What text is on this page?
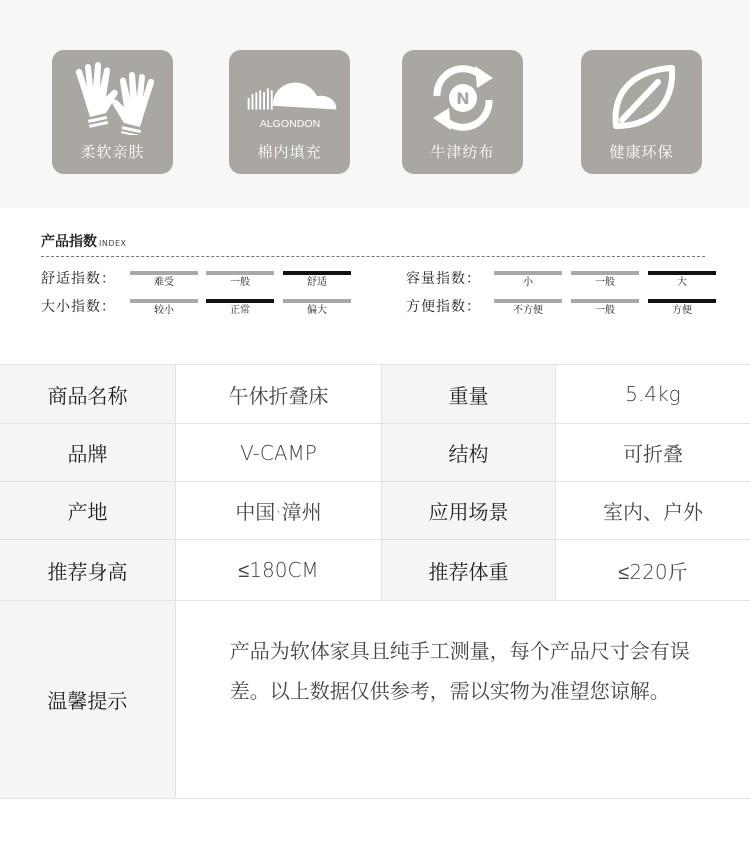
柔软亲肤
ALGONDON
棉内填充
N
牛津纺布	健康环保
产品指数 INDEX
舒适指数：	难受	一般	舒适
大小指数：	较小	正常	偏大
容量指数：	小	一般	大
方便指数：	不方便	一般	方便
商品名称	午休折叠床	重量	5.4kg
品牌	V-CAMP	结构	可折叠
产地	中国·漳州	应用场景	室内、户外
推荐身高	≤180CM	推荐体重	≤220斤
温馨提示
产品为软体家具且纯手工测量，每个产品尺寸会有误差。以上数据仅供参考，需以实物为准望您谅解。
